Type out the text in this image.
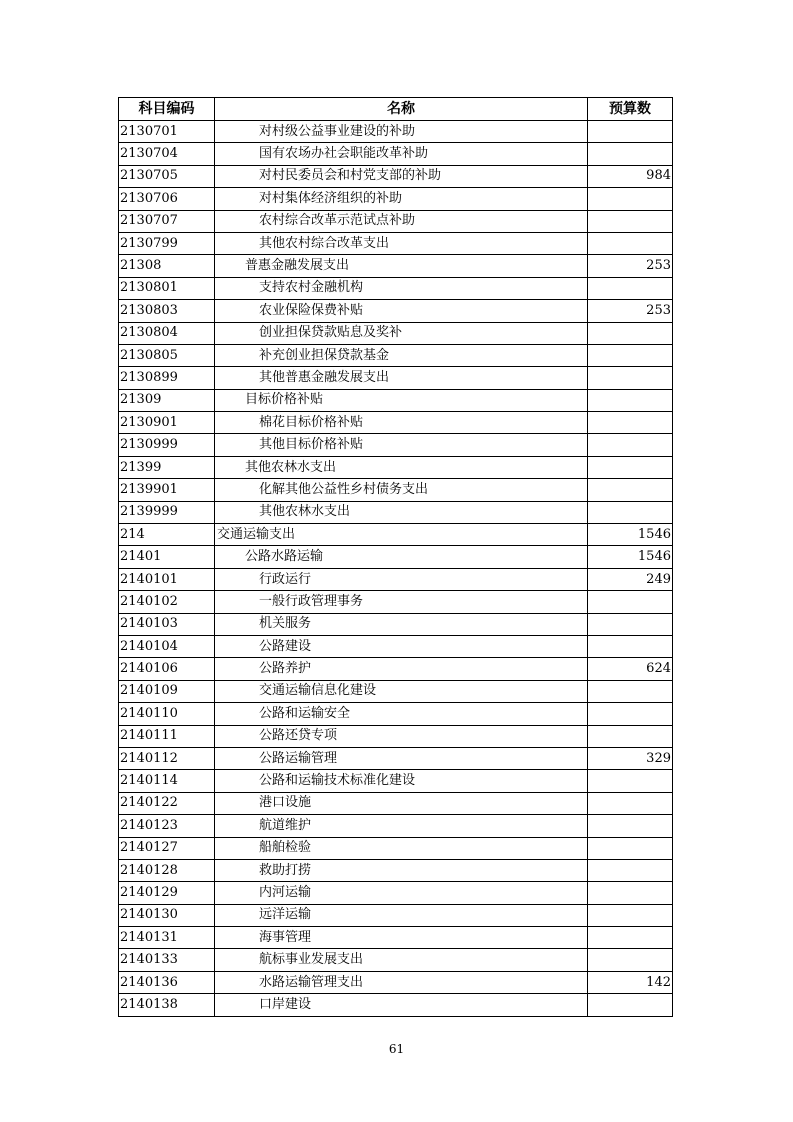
科目编码	名称	预算数
2130701	对村级公益事业建设的补助	
2130704	国有农场办社会职能改革补助	
2130705	对村民委员会和村党支部的补助	984
2130706	对村集体经济组织的补助	
2130707	农村综合改革示范试点补助	
2130799	其他农村综合改革支出	
21308	普惠金融发展支出	253
2130801	支持农村金融机构	
2130803	农业保险保费补贴	253
2130804	创业担保贷款贴息及奖补	
2130805	补充创业担保贷款基金	
2130899	其他普惠金融发展支出	
21309	目标价格补贴	
2130901	棉花目标价格补贴	
2130999	其他目标价格补贴	
21399	其他农林水支出	
2139901	化解其他公益性乡村债务支出	
2139999	其他农林水支出	
214	交通运输支出	1546
21401	公路水路运输	1546
2140101	行政运行	249
2140102	一般行政管理事务	
2140103	机关服务	
2140104	公路建设	
2140106	公路养护	624
2140109	交通运输信息化建设	
2140110	公路和运输安全	
2140111	公路还贷专项	
2140112	公路运输管理	329
2140114	公路和运输技术标准化建设	
2140122	港口设施	
2140123	航道维护	
2140127	船舶检验	
2140128	救助打捞	
2140129	内河运输	
2140130	远洋运输	
2140131	海事管理	
2140133	航标事业发展支出	
2140136	水路运输管理支出	142
2140138	口岸建设	
61
